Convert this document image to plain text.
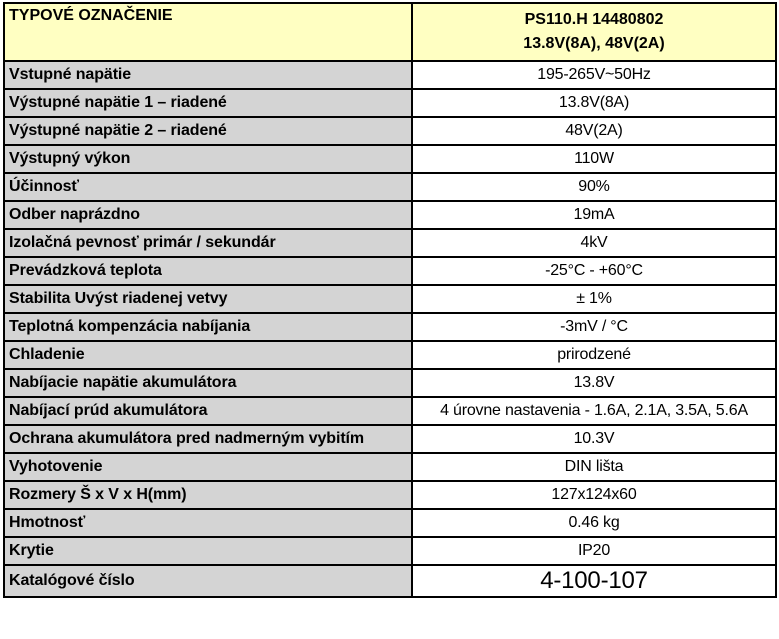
TYPOVÉ OZNAČENIE	PS110.H 14480802
13.8V(8A), 48V(2A)

Vstupné napätie	195-265V~50Hz
Výstupné napätie 1 – riadené	13.8V(8A)
Výstupné napätie 2 – riadené	48V(2A)
Výstupný výkon	110W
Účinnosť	90%
Odber naprázdno	19mA
Izolačná pevnosť primár / sekundár	4kV
Prevádzková teplota	-25°C - +60°C
Stabilita Uvýst riadenej vetvy	± 1%
Teplotná kompenzácia nabíjania	-3mV / °C
Chladenie	prirodzené
Nabíjacie napätie akumulátora	13.8V
Nabíjací prúd akumulátora	4 úrovne nastavenia - 1.6A, 2.1A, 3.5A, 5.6A
Ochrana akumulátora pred nadmerným vybitím	10.3V
Vyhotovenie	DIN lišta
Rozmery Š x V x H(mm)	127x124x60
Hmotnosť	0.46 kg
Krytie	IP20
Katalógové číslo	4-100-107
